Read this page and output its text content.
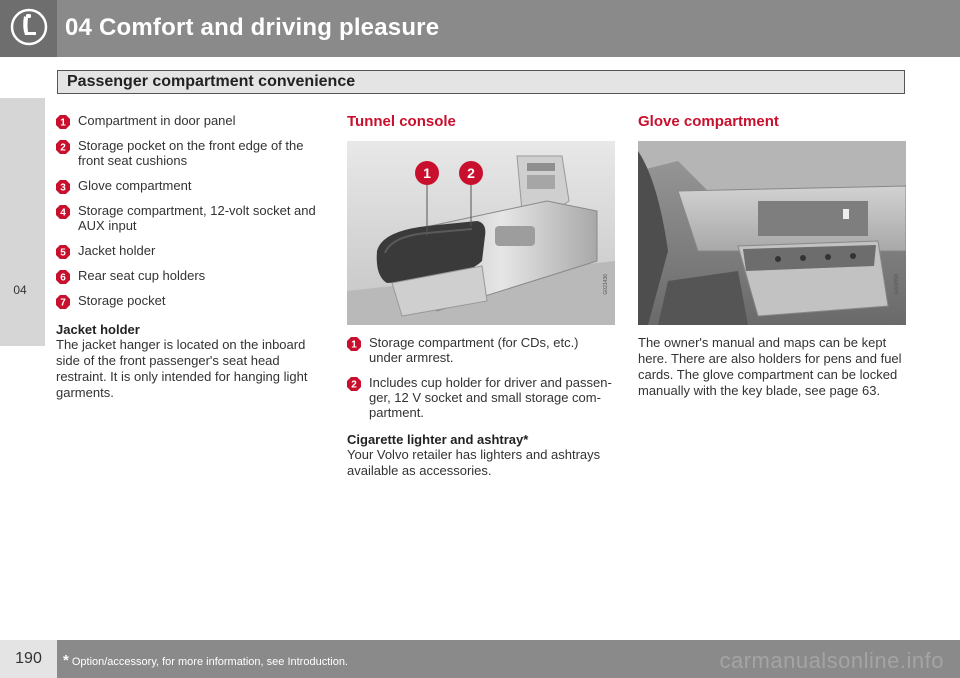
04 Comfort and driving pleasure
Passenger compartment convenience
04
1 Compartment in door panel
2 Storage pocket on the front edge of the front seat cushions
3 Glove compartment
4 Storage compartment, 12-volt socket and AUX input
5 Jacket holder
6 Rear seat cup holders
7 Storage pocket
Jacket holder
The jacket hanger is located on the inboard side of the front passenger's seat head restraint. It is only intended for hanging light garments.
Tunnel console
1	2
G021436
1 Storage compartment (for CDs, etc.) under armrest.
2 Includes cup holder for driver and passen-ger, 12 V socket and small storage com-partment.
Cigarette lighter and ashtray*
Your Volvo retailer has lighters and ashtrays available as accessories.
Glove compartment
G024558
The owner's manual and maps can be kept here. There are also holders for pens and fuel cards. The glove compartment can be locked manually with the key blade, see page 63.
190	* Option/accessory, for more information, see Introduction.	carmanualsonline.info
